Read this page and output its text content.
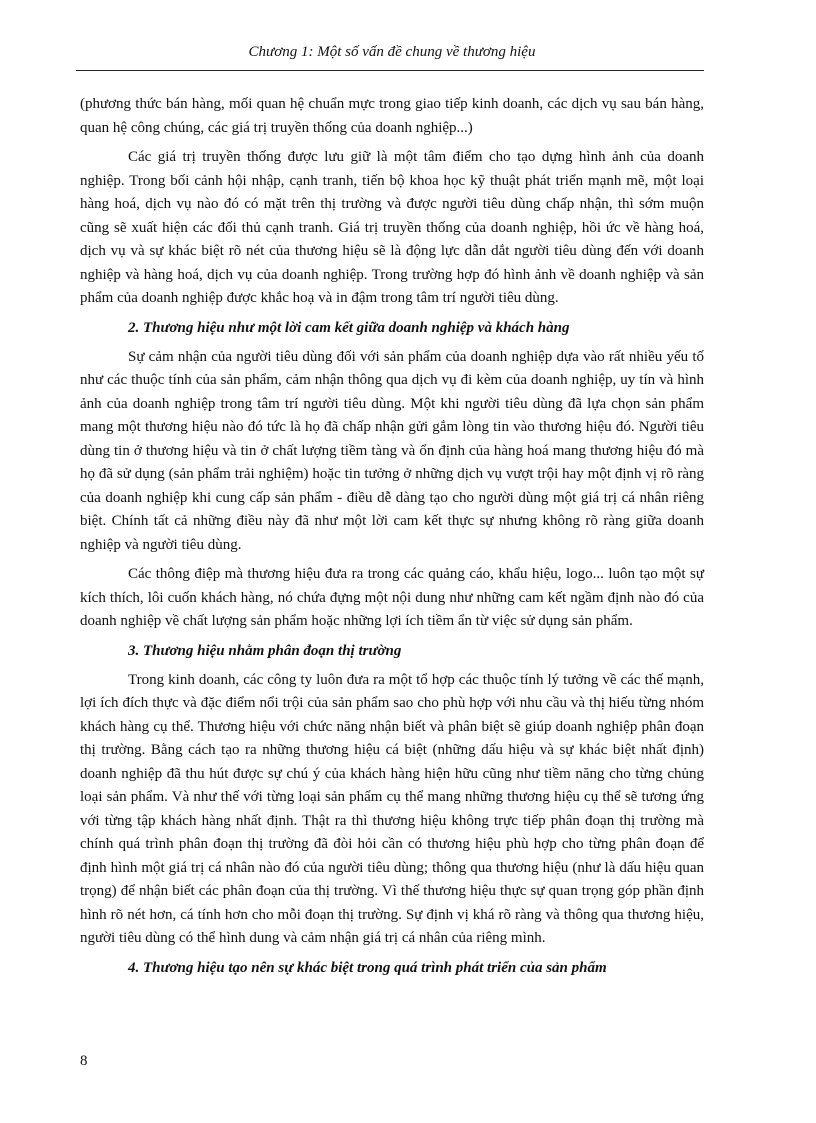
Chương 1: Một số vấn đề chung về thương hiệu

(phương thức bán hàng, mối quan hệ chuẩn mực trong giao tiếp kinh doanh, các dịch vụ sau bán hàng, quan hệ công chúng, các giá trị truyền thống của doanh nghiệp...)

Các giá trị truyền thống được lưu giữ là một tâm điểm cho tạo dựng hình ảnh của doanh nghiệp. Trong bối cảnh hội nhập, cạnh tranh, tiến bộ khoa học kỹ thuật phát triển mạnh mẽ, một loại hàng hoá, dịch vụ nào đó có mặt trên thị trường và được người tiêu dùng chấp nhận, thì sớm muộn cũng sẽ xuất hiện các đối thủ cạnh tranh. Giá trị truyền thống của doanh nghiệp, hồi ức về hàng hoá, dịch vụ và sự khác biệt rõ nét của thương hiệu sẽ là động lực dẫn dắt người tiêu dùng đến với doanh nghiệp và hàng hoá, dịch vụ của doanh nghiệp. Trong trường hợp đó hình ảnh về doanh nghiệp và sản phẩm của doanh nghiệp được khắc hoạ và in đậm trong tâm trí người tiêu dùng.

2. Thương hiệu như một lời cam kết giữa doanh nghiệp và khách hàng

Sự cảm nhận của người tiêu dùng đối với sản phẩm của doanh nghiệp dựa vào rất nhiều yếu tố như các thuộc tính của sản phẩm, cảm nhận thông qua dịch vụ đi kèm của doanh nghiệp, uy tín và hình ảnh của doanh nghiệp trong tâm trí người tiêu dùng. Một khi người tiêu dùng đã lựa chọn sản phẩm mang một thương hiệu nào đó tức là họ đã chấp nhận gửi gắm lòng tin vào thương hiệu đó. Người tiêu dùng tin ở thương hiệu và tin ở chất lượng tiềm tàng và ổn định của hàng hoá mang thương hiệu đó mà họ đã sử dụng (sản phẩm trải nghiệm) hoặc tin tưởng ở những dịch vụ vượt trội hay một định vị rõ ràng của doanh nghiệp khi cung cấp sản phẩm - điều dễ dàng tạo cho người dùng một giá trị cá nhân riêng biệt. Chính tất cả những điều này đã như một lời cam kết thực sự nhưng không rõ ràng giữa doanh nghiệp và người tiêu dùng.

Các thông điệp mà thương hiệu đưa ra trong các quảng cáo, khẩu hiệu, logo... luôn tạo một sự kích thích, lôi cuốn khách hàng, nó chứa đựng một nội dung như những cam kết ngầm định nào đó của doanh nghiệp về chất lượng sản phẩm hoặc những lợi ích tiềm ẩn từ việc sử dụng sản phẩm.

3. Thương hiệu nhằm phân đoạn thị trường

Trong kinh doanh, các công ty luôn đưa ra một tổ hợp các thuộc tính lý tưởng về các thế mạnh, lợi ích đích thực và đặc điểm nổi trội của sản phẩm sao cho phù hợp với nhu cầu và thị hiếu từng nhóm khách hàng cụ thể. Thương hiệu với chức năng nhận biết và phân biệt sẽ giúp doanh nghiệp phân đoạn thị trường. Bằng cách tạo ra những thương hiệu cá biệt (những dấu hiệu và sự khác biệt nhất định) doanh nghiệp đã thu hút được sự chú ý của khách hàng hiện hữu cũng như tiềm năng cho từng chủng loại sản phẩm. Và như thế với từng loại sản phẩm cụ thể mang những thương hiệu cụ thể sẽ tương ứng với từng tập khách hàng nhất định. Thật ra thì thương hiệu không trực tiếp phân đoạn thị trường mà chính quá trình phân đoạn thị trường đã đòi hỏi cần có thương hiệu phù hợp cho từng phân đoạn để định hình một giá trị cá nhân nào đó của người tiêu dùng; thông qua thương hiệu (như là dấu hiệu quan trọng) để nhận biết các phân đoạn của thị trường. Vì thế thương hiệu thực sự quan trọng góp phần định hình rõ nét hơn, cá tính hơn cho mỗi đoạn thị trường. Sự định vị khá rõ ràng và thông qua thương hiệu, người tiêu dùng có thể hình dung và cảm nhận giá trị cá nhân của riêng mình.

4. Thương hiệu tạo nên sự khác biệt trong quá trình phát triển của sản phẩm
8
